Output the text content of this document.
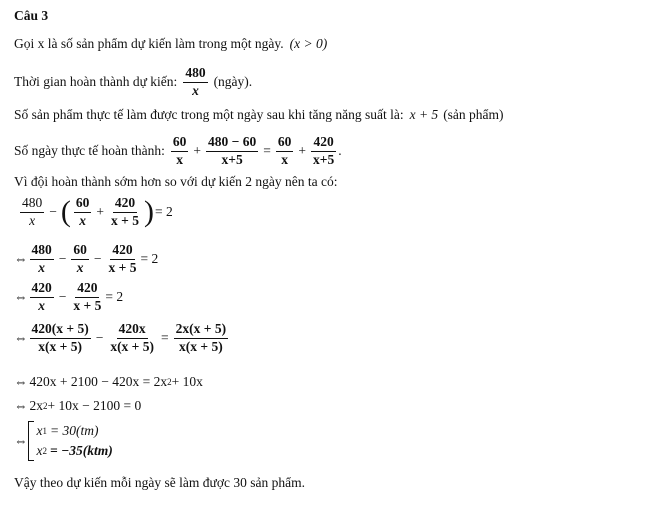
Câu 3
Gọi x là số sản phẩm dự kiến làm trong một ngày. (x > 0)
Thời gian hoàn thành dự kiến: $\frac{480}{x}$ (ngày).
Số sản phẩm thực tế làm được trong một ngày sau khi tăng năng suất là: x + 5 (sản phẩm)
Số ngày thực tế hoàn thành: $\frac{60}{x} + \frac{480 - 60}{x+5} = \frac{60}{x} + \frac{420}{x+5}$ .
Vì đội hoàn thành sớm hơn so với dự kiến 2 ngày nên ta có:
$\frac{480}{x}$ − ( $\frac{60}{x} + \frac{420}{x + 5}$ ) = 2
⇔ $\frac{480}{x} - \frac{60}{x} - \frac{420}{x + 5} = 2$
⇔ $\frac{420}{x} - \frac{420}{x + 5} = 2$
⇔ $\frac{420(x + 5)}{x(x + 5)} - \frac{420x}{x(x + 5)} = \frac{2x(x + 5)}{x(x + 5)}$
⇔ 420x + 2100 − 420x = 2x 2 + 10x
⇔ 2x 2 + 10x − 2100 = 0
⇔
x 1 = 30(tm)
x 2 = −35(ktm)
Vậy theo dự kiến mỗi ngày sẽ làm được 30 sản phẩm.
